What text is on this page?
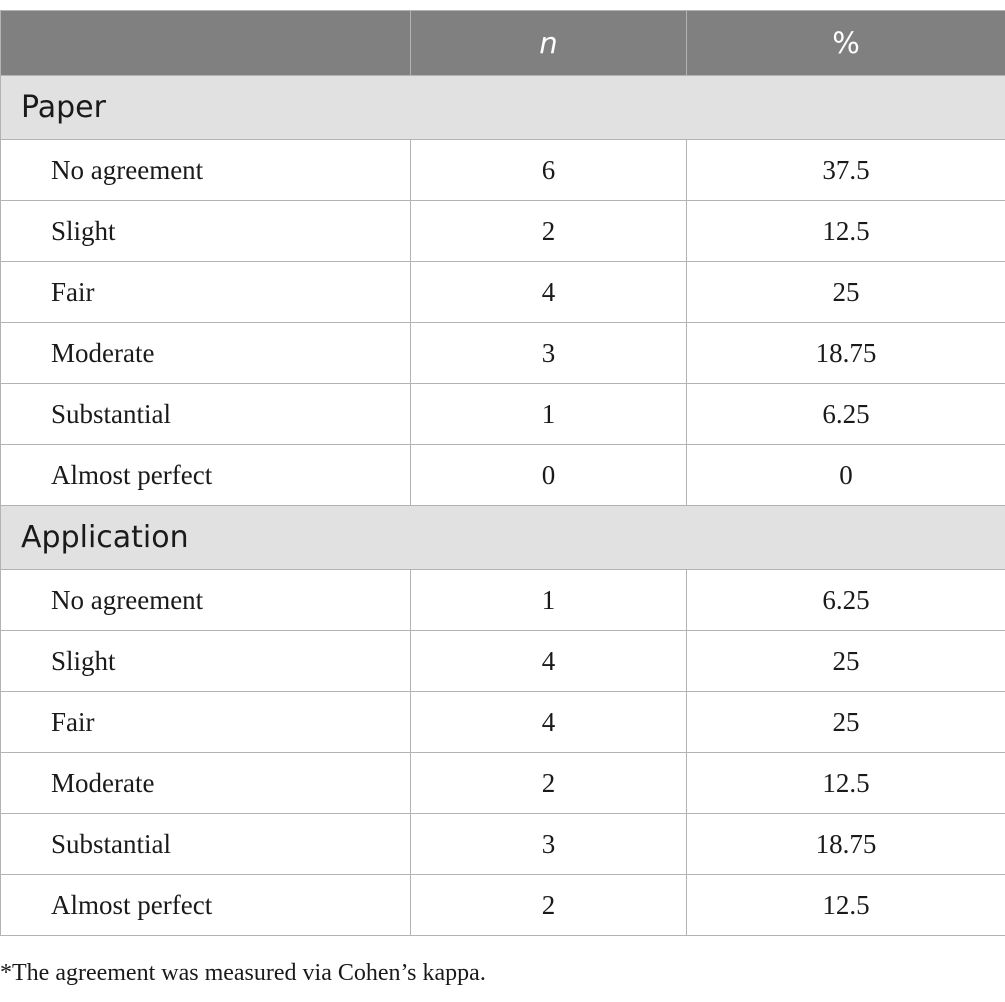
	n	%
Paper		
No agreement	6	37.5
Slight	2	12.5
Fair	4	25
Moderate	3	18.75
Substantial	1	6.25
Almost perfect	0	0
Application		
No agreement	1	6.25
Slight	4	25
Fair	4	25
Moderate	2	12.5
Substantial	3	18.75
Almost perfect	2	12.5
*The agreement was measured via Cohen’s kappa.
